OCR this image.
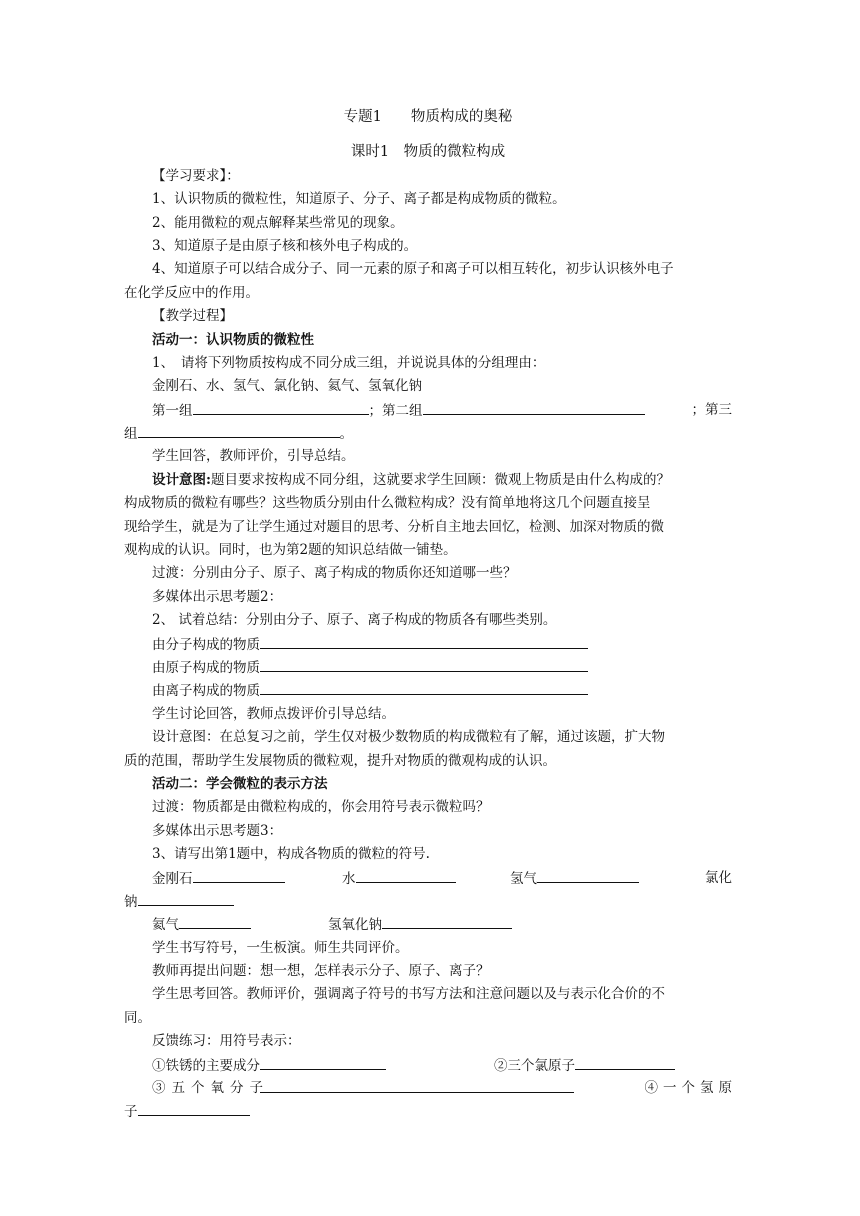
专题1　　物质构成的奥秘
课时1　物质的微粒构成
【学习要求】：
1、认识物质的微粒性，知道原子、分子、离子都是构成物质的微粒。
2、能用微粒的观点解释某些常见的现象。
3、知道原子是由原子核和核外电子构成的。
4、知道原子可以结合成分子、同一元素的原子和离子可以相互转化，初步认识核外电子
在化学反应中的作用。
【教学过程】
活动一：认识物质的微粒性
1、　请将下列物质按构成不同分成三组，并说说具体的分组理由：
金刚石、水、氢气、氯化钠、氦气、氢氧化钠
第一组	；第二组	；第三
组	。
学生回答，教师评价，引导总结。
设计意图:题目要求按构成不同分组，这就要求学生回顾：微观上物质是由什么构成的？
构成物质的微粒有哪些？这些物质分别由什么微粒构成？没有简单地将这几个问题直接呈
现给学生，就是为了让学生通过对题目的思考、分析自主地去回忆，检测、加深对物质的微
观构成的认识。同时，也为第2题的知识总结做一铺垫。
过渡：分别由分子、原子、离子构成的物质你还知道哪一些？
多媒体出示思考题2：
2、 试着总结：分别由分子、原子、离子构成的物质各有哪些类别。
由分子构成的物质
由原子构成的物质
由离子构成的物质
学生讨论回答，教师点拨评价引导总结。
设计意图：在总复习之前，学生仅对极少数物质的构成微粒有了解，通过该题，扩大物
质的范围，帮助学生发展物质的微粒观，提升对物质的微观构成的认识。
活动二：学会微粒的表示方法
过渡：物质都是由微粒构成的，你会用符号表示微粒吗？
多媒体出示思考题3：
3、请写出第1题中，构成各物质的微粒的符号.
金刚石	水	氢气	氯化
钠
氦气	氢氧化钠
学生书写符号，一生板演。师生共同评价。
教师再提出问题：想一想，怎样表示分子、原子、离子？
学生思考回答。教师评价，强调离子符号的书写方法和注意问题以及与表示化合价的不
同。
反馈练习：用符号表示：
①铁锈的主要成分	②三个氯原子
③五个氧分子	④一个氢原
子
